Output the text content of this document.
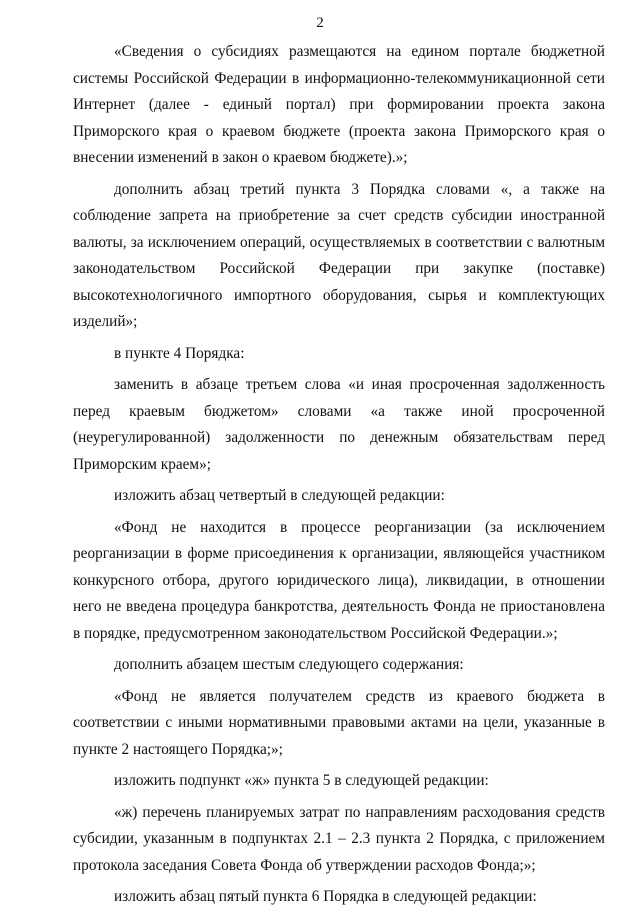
2

«Сведения о субсидиях размещаются на едином портале бюджетной системы Российской Федерации в информационно-телекоммуникационной сети Интернет (далее - единый портал) при формировании проекта закона Приморского края о краевом бюджете (проекта закона Приморского края о внесении изменений в закон о краевом бюджете).»;

дополнить абзац третий пункта 3 Порядка словами «, а также на соблюдение запрета на приобретение за счет средств субсидии иностранной валюты, за исключением операций, осуществляемых в соответствии с валютным законодательством Российской Федерации при закупке (поставке) высокотехнологичного импортного оборудования, сырья и комплектующих изделий»;

в пункте 4 Порядка:

заменить в абзаце третьем слова «и иная просроченная задолженность перед краевым бюджетом» словами «а также иной просроченной (неурегулированной) задолженности по денежным обязательствам перед Приморским краем»;

изложить абзац четвертый в следующей редакции:

«Фонд не находится в процессе реорганизации (за исключением реорганизации в форме присоединения к организации, являющейся участником конкурсного отбора, другого юридического лица), ликвидации, в отношении него не введена процедура банкротства, деятельность Фонда не приостановлена в порядке, предусмотренном законодательством Российской Федерации.»;

дополнить абзацем шестым следующего содержания:

«Фонд не является получателем средств из краевого бюджета в соответствии с иными нормативными правовыми актами на цели, указанные в пункте 2 настоящего Порядка;»;

изложить подпункт «ж» пункта 5 в следующей редакции:

«ж) перечень планируемых затрат по направлениям расходования средств субсидии, указанным в подпунктах 2.1 – 2.3 пункта 2 Порядка, с приложением протокола заседания Совета Фонда об утверждении расходов Фонда;»;

изложить абзац пятый пункта 6 Порядка в следующей редакции:
